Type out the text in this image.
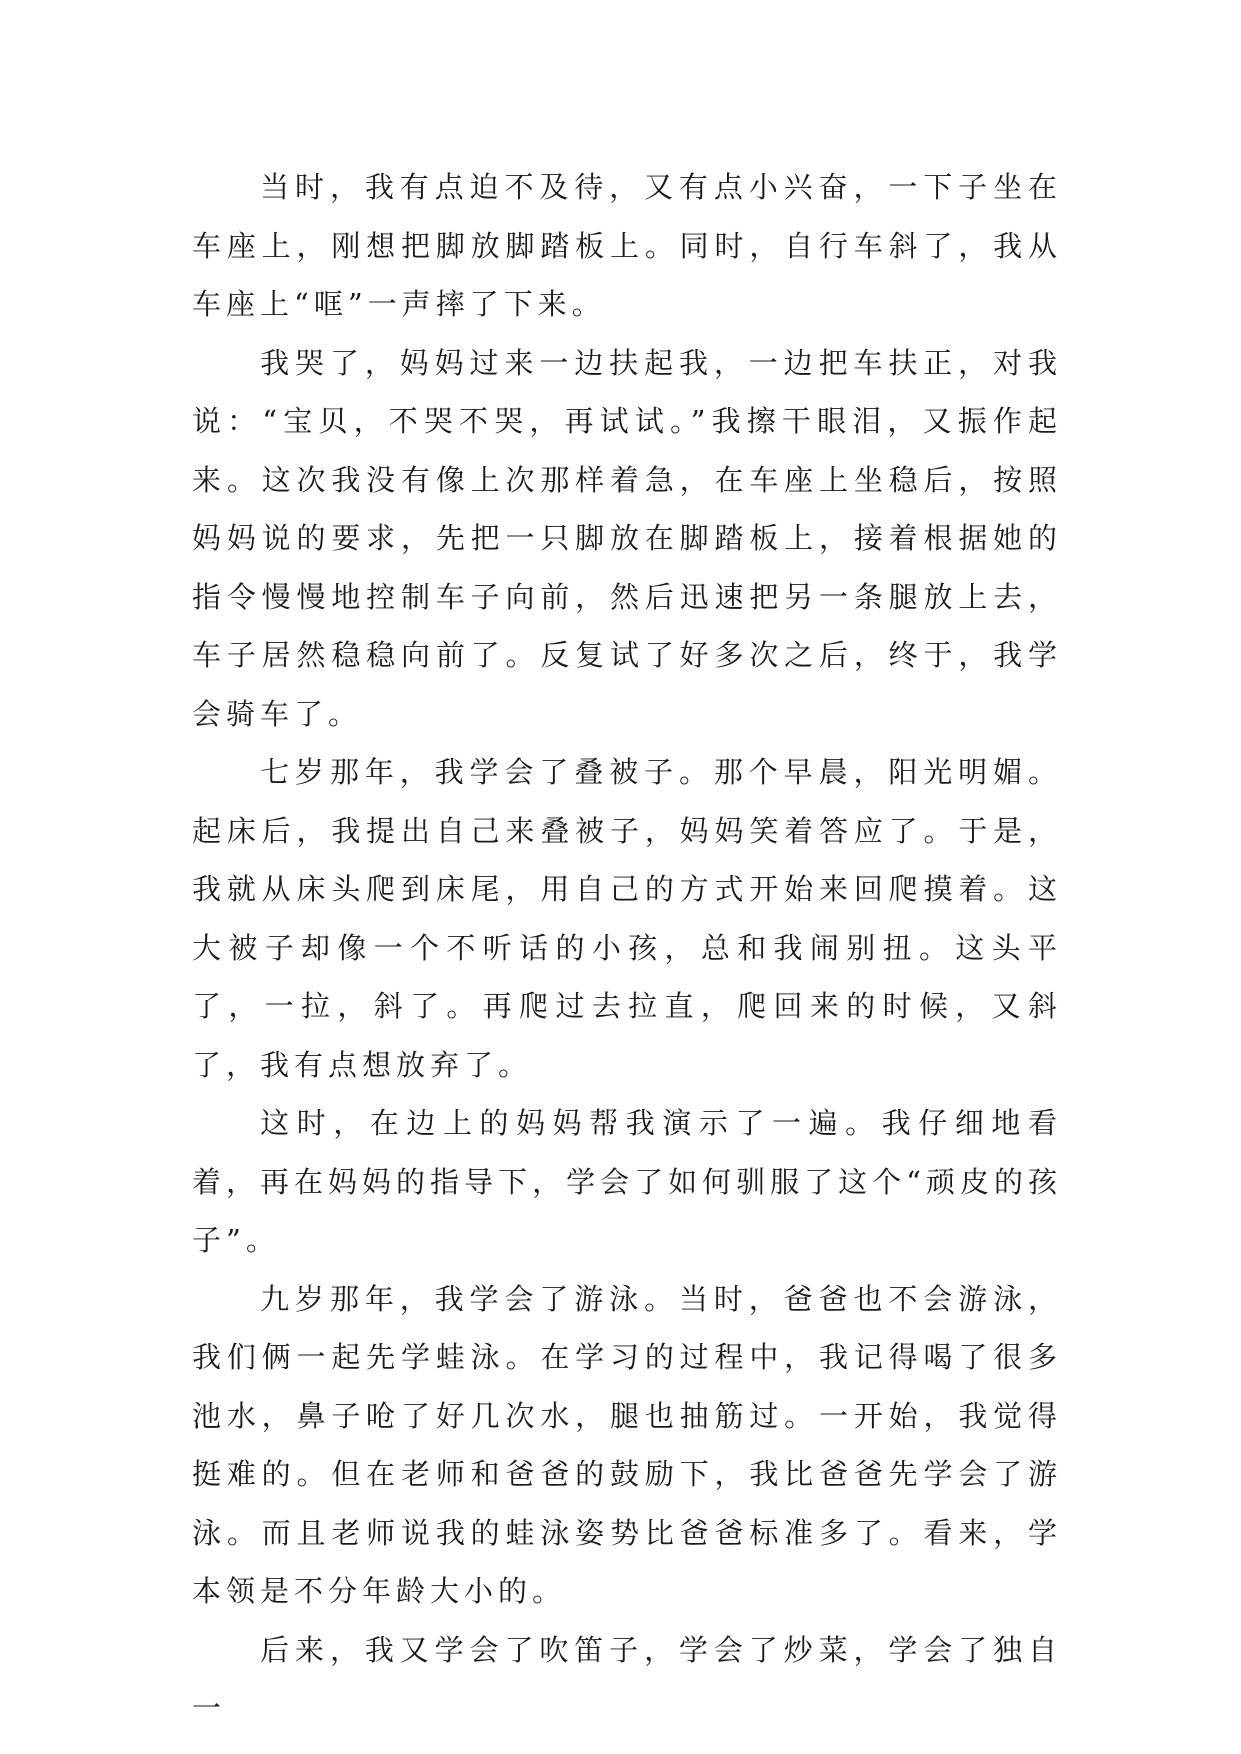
当时，我有点迫不及待，又有点小兴奋，一下子坐在车座上，刚想把脚放脚踏板上。同时，自行车斜了，我从车座上“哐”一声摔了下来。

我哭了，妈妈过来一边扶起我，一边把车扶正，对我说：“宝贝，不哭不哭，再试试。”我擦干眼泪，又振作起来。这次我没有像上次那样着急，在车座上坐稳后，按照妈妈说的要求，先把一只脚放在脚踏板上，接着根据她的指令慢慢地控制车子向前，然后迅速把另一条腿放上去，车子居然稳稳向前了。反复试了好多次之后，终于，我学会骑车了。

七岁那年，我学会了叠被子。那个早晨，阳光明媚。起床后，我提出自己来叠被子，妈妈笑着答应了。于是，我就从床头爬到床尾，用自己的方式开始来回爬摸着。这大被子却像一个不听话的小孩，总和我闹别扭。这头平了，一拉，斜了。再爬过去拉直，爬回来的时候，又斜了，我有点想放弃了。

这时，在边上的妈妈帮我演示了一遍。我仔细地看着，再在妈妈的指导下，学会了如何驯服了这个“顽皮的孩子”。

九岁那年，我学会了游泳。当时，爸爸也不会游泳，我们俩一起先学蛙泳。在学习的过程中，我记得喝了很多池水，鼻子呛了好几次水，腿也抽筋过。一开始，我觉得挺难的。但在老师和爸爸的鼓励下，我比爸爸先学会了游泳。而且老师说我的蛙泳姿势比爸爸标准多了。看来，学本领是不分年龄大小的。

后来，我又学会了吹笛子，学会了炒菜，学会了独自一
